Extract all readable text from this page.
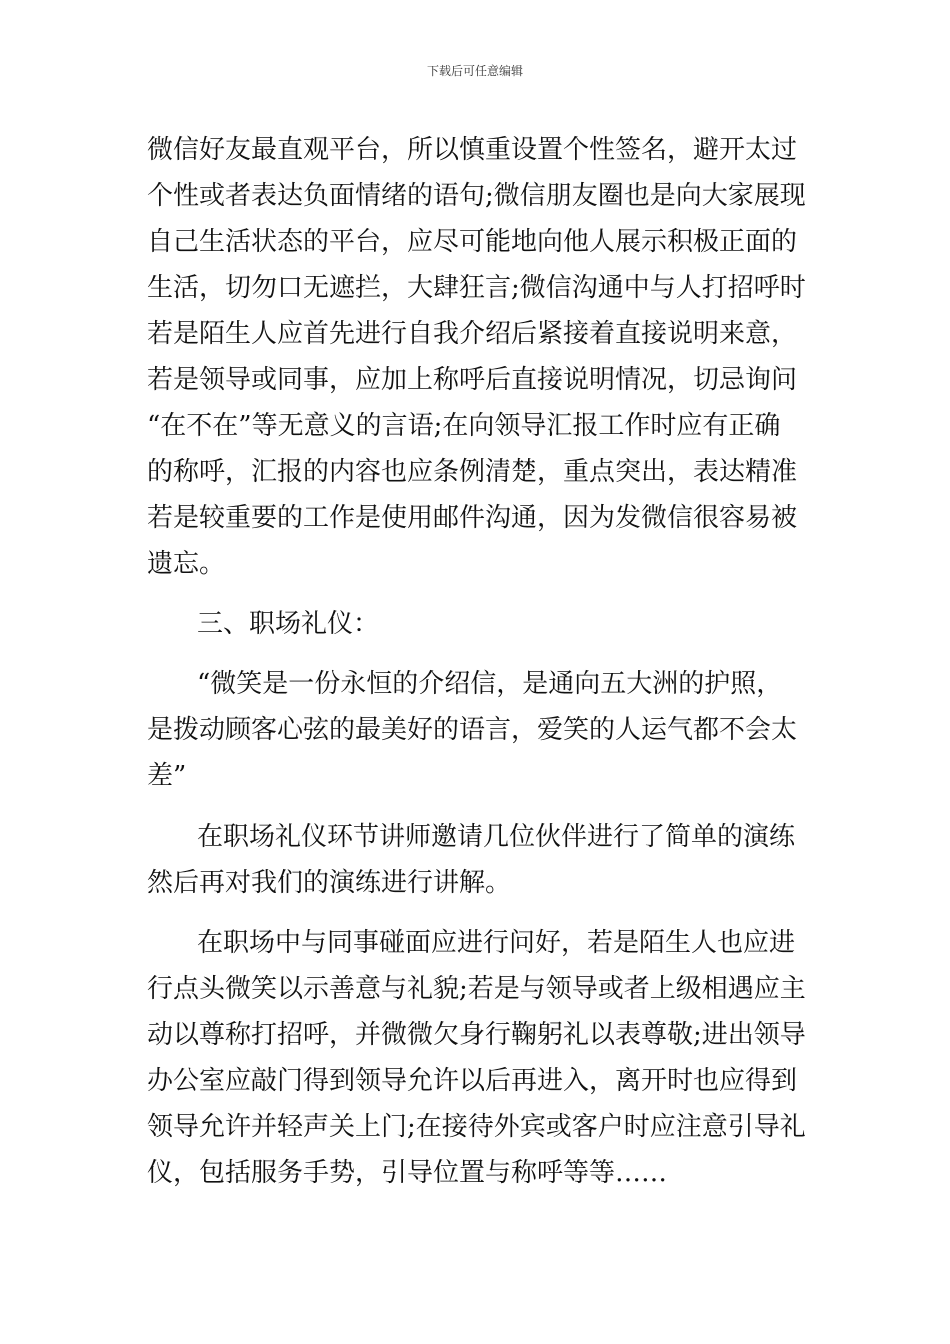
下载后可任意编辑
微信好友最直观平台，所以慎重设置个性签名，避开太过
个性或者表达负面情绪的语句;微信朋友圈也是向大家展现
自己生活状态的平台，应尽可能地向他人展示积极正面的
生活，切勿口无遮拦，大肆狂言;微信沟通中与人打招呼时
若是陌生人应首先进行自我介绍后紧接着直接说明来意，
若是领导或同事，应加上称呼后直接说明情况，切忌询问
“在不在”等无意义的言语;在向领导汇报工作时应有正确
的称呼，汇报的内容也应条例清楚，重点突出，表达精准
若是较重要的工作是使用邮件沟通，因为发微信很容易被
遗忘。
三、职场礼仪：
“微笑是一份永恒的介绍信，是通向五大洲的护照，
是拨动顾客心弦的最美好的语言，爱笑的人运气都不会太
差”
在职场礼仪环节讲师邀请几位伙伴进行了简单的演练
然后再对我们的演练进行讲解。
在职场中与同事碰面应进行问好，若是陌生人也应进
行点头微笑以示善意与礼貌;若是与领导或者上级相遇应主
动以尊称打招呼，并微微欠身行鞠躬礼以表尊敬;进出领导
办公室应敲门得到领导允许以后再进入，离开时也应得到
领导允许并轻声关上门;在接待外宾或客户时应注意引导礼
仪，包括服务手势，引导位置与称呼等等……
